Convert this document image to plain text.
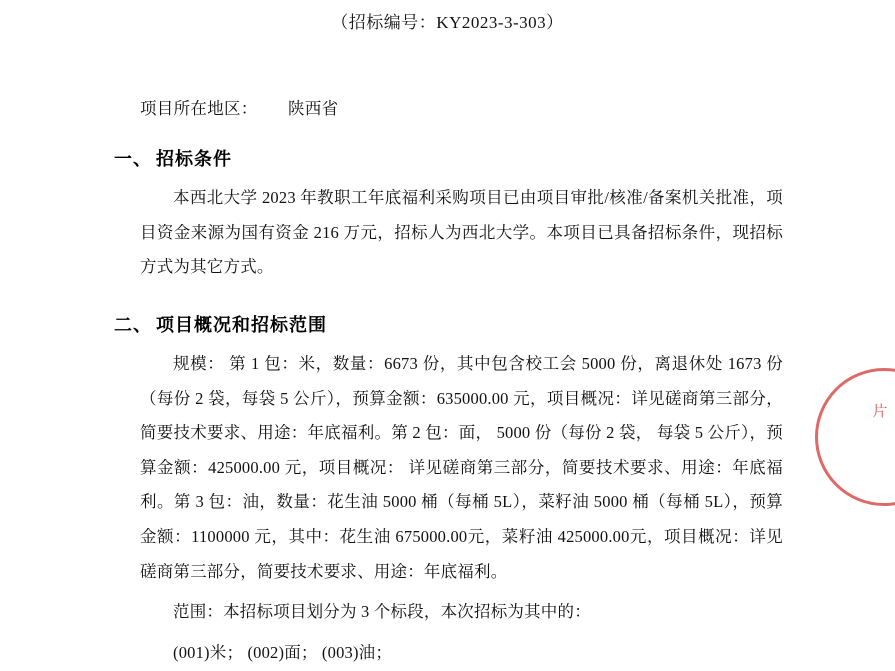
（招标编号：KY2023-3-303）
项目所在地区： 陕西省
一、 招标条件

本西北大学 2023 年教职工年底福利采购项目已由项目审批/核准/备案机关批准，项目资金来源为国有资金 216 万元，招标人为西北大学。本项目已具备招标条件，现招标方式为其它方式。

二、 项目概况和招标范围

规模： 第 1 包：米，数量：6673 份，其中包含校工会 5000 份，离退休处 1673 份（每份 2 袋，每袋 5 公斤），预算金额：635000.00 元，项目概况：详见磋商第三部分，简要技术要求、用途：年底福利。第 2 包：面， 5000 份（每份 2 袋， 每袋 5 公斤），预算金额：425000.00 元，项目概况： 详见磋商第三部分，简要技术要求、用途：年底福利。第 3 包：油，数量：花生油 5000 桶（每桶 5L），菜籽油 5000 桶（每桶 5L），预算金额：1100000 元，其中：花生油 675000.00元，菜籽油 425000.00元，项目概况：详见磋商第三部分，简要技术要求、用途：年底福利。

范围：本招标项目划分为 3 个标段，本次招标为其中的：

(001)米； (002)面； (003)油；

片
